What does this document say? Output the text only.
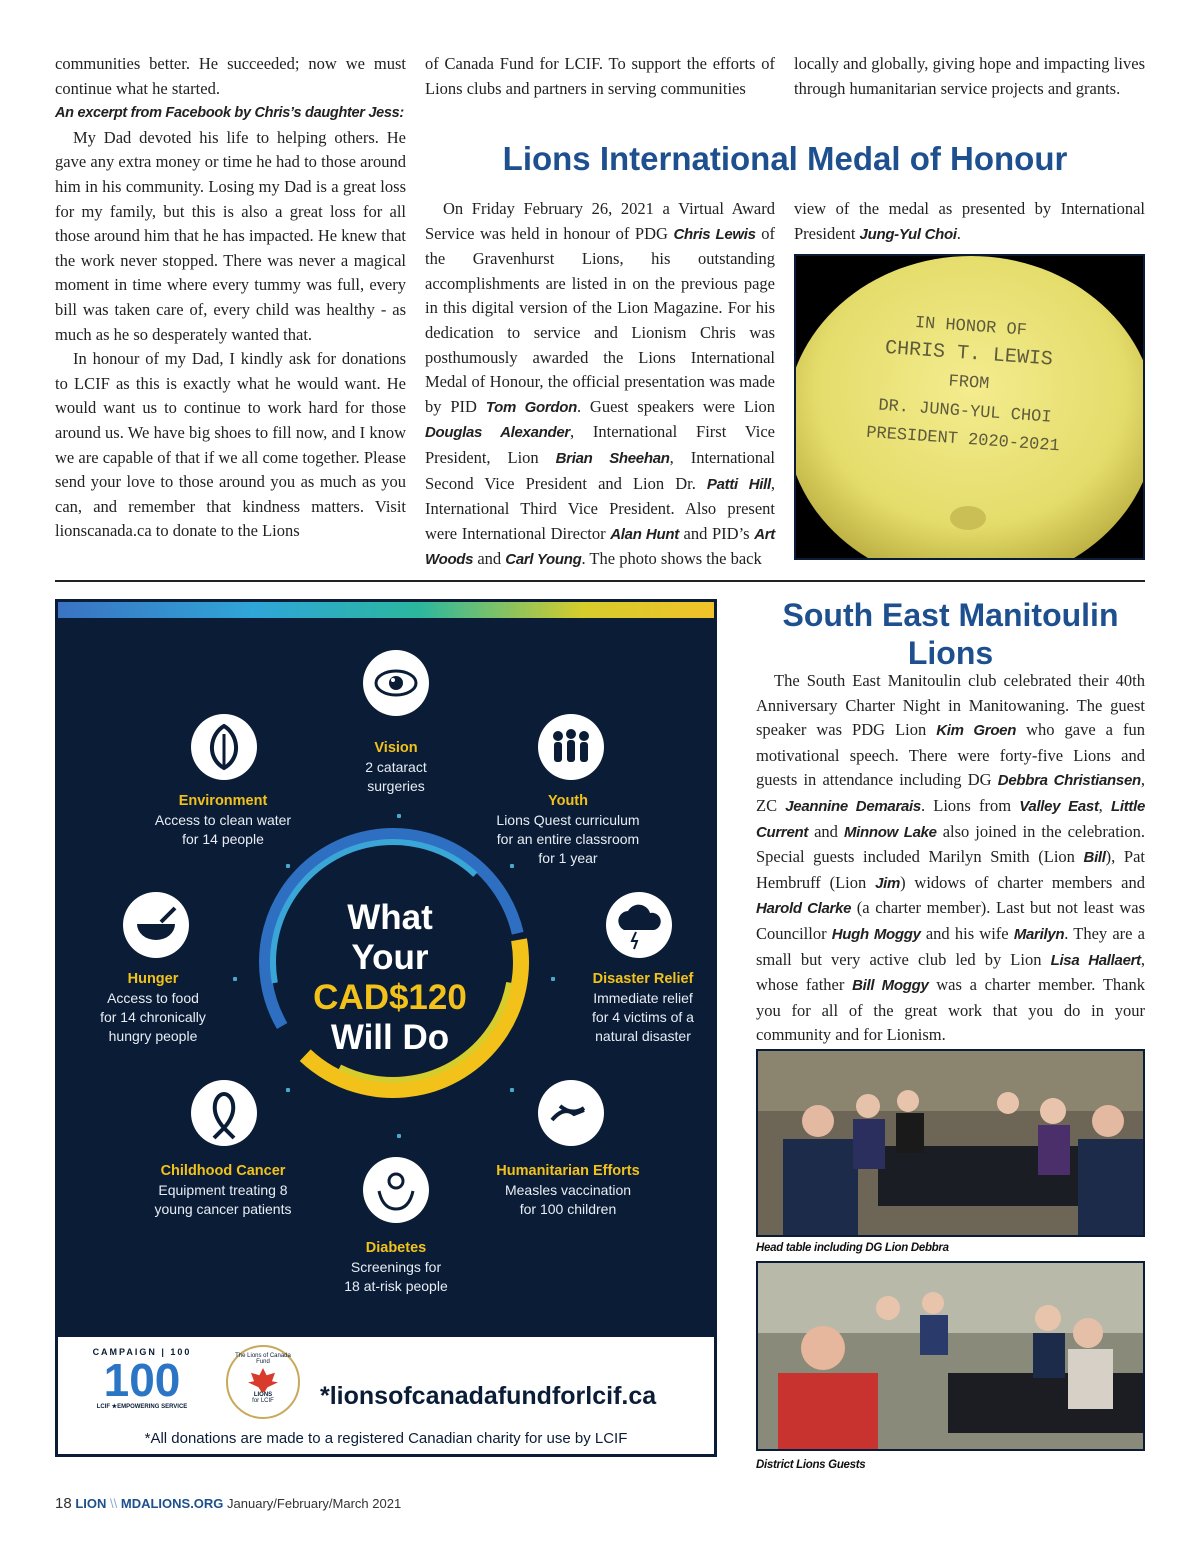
communities better. He succeeded; now we must continue what he started.

An excerpt from Facebook by Chris’s daughter Jess:

My Dad devoted his life to helping others. He gave any extra money or time he had to those around him in his community. Losing my Dad is a great loss for my family, but this is also a great loss for all those around him that he has impacted. He knew that the work never stopped. There was never a magical moment in time where every tummy was full, every bill was taken care of, every child was healthy - as much as he so desperately wanted that.

In honour of my Dad, I kindly ask for donations to LCIF as this is exactly what he would want. He would want us to continue to work hard for those around us. We have big shoes to fill now, and I know we are capable of that if we all come together. Please send your love to those around you as much as you can, and remember that kindness matters. Visit lionscanada.ca to donate to the Lions

of Canada Fund for LCIF. To support the efforts of Lions clubs and partners in serving communities

locally and globally, giving hope and impacting lives through humanitarian service projects and grants.

Lions International Medal of Honour

On Friday February 26, 2021 a Virtual Award Service was held in honour of PDG Chris Lewis of the Gravenhurst Lions, his outstanding accomplishments are listed in on the previous page in this digital version of the Lion Magazine. For his dedication to service and Lionism Chris was posthumously awarded the Lions International Medal of Honour, the official presentation was made by PID Tom Gordon. Guest speakers were Lion Douglas Alexander, International First Vice President, Lion Brian Sheehan, International Second Vice President and Lion Dr. Patti Hill, International Third Vice President. Also present were International Director Alan Hunt and PID’s Art Woods and Carl Young. The photo shows the back

view of the medal as presented by International President Jung-Yul Choi.

IN HONOR OF
CHRIS T. LEWIS
FROM
DR. JUNG-YUL CHOI
PRESIDENT 2020-2021
What
Your
CAD$120
Will Do
Vision
2 cataract
surgeries
Youth
Lions Quest curriculum
for an entire classroom
for 1 year
Disaster Relief
Immediate relief
for 4 victims of a
natural disaster
Humanitarian Efforts
Measles vaccination
for 100 children
Diabetes
Screenings for
18 at-risk people
Childhood Cancer
Equipment treating 8
young cancer patients
Hunger
Access to food
for 14 chronically
hungry people
Environment
Access to clean water
for 14 people
CAMPAIGN | 100
100
LCIF ★EMPOWERING SERVICE
The Lions of Canada Fund
LIONS
for LCIF	*lionsofcanadafundforlcif.ca
*All donations are made to a registered Canadian charity for use by LCIF
South East Manitoulin
Lions

The South East Manitoulin club celebrated their 40th Anniversary Charter Night in Manitowaning. The guest speaker was PDG Lion Kim Groen who gave a fun motivational speech. There were forty-five Lions and guests in attendance including DG Debbra Christiansen, ZC Jeannine Demarais. Lions from Valley East, Little Current and Minnow Lake also joined in the celebration. Special guests included Marilyn Smith (Lion Bill), Pat Hembruff (Lion Jim) widows of charter members and Harold Clarke (a charter member). Last but not least was Councillor Hugh Moggy and his wife Marilyn. They are a small but very active club led by Lion Lisa Hallaert, whose father Bill Moggy was a charter member. Thank you for all of the great work that you do in your community and for Lionism.

Head table including DG Lion Debbra
District Lions Guests
18 LION \\ MDALIONS.ORG January/February/March 2021
